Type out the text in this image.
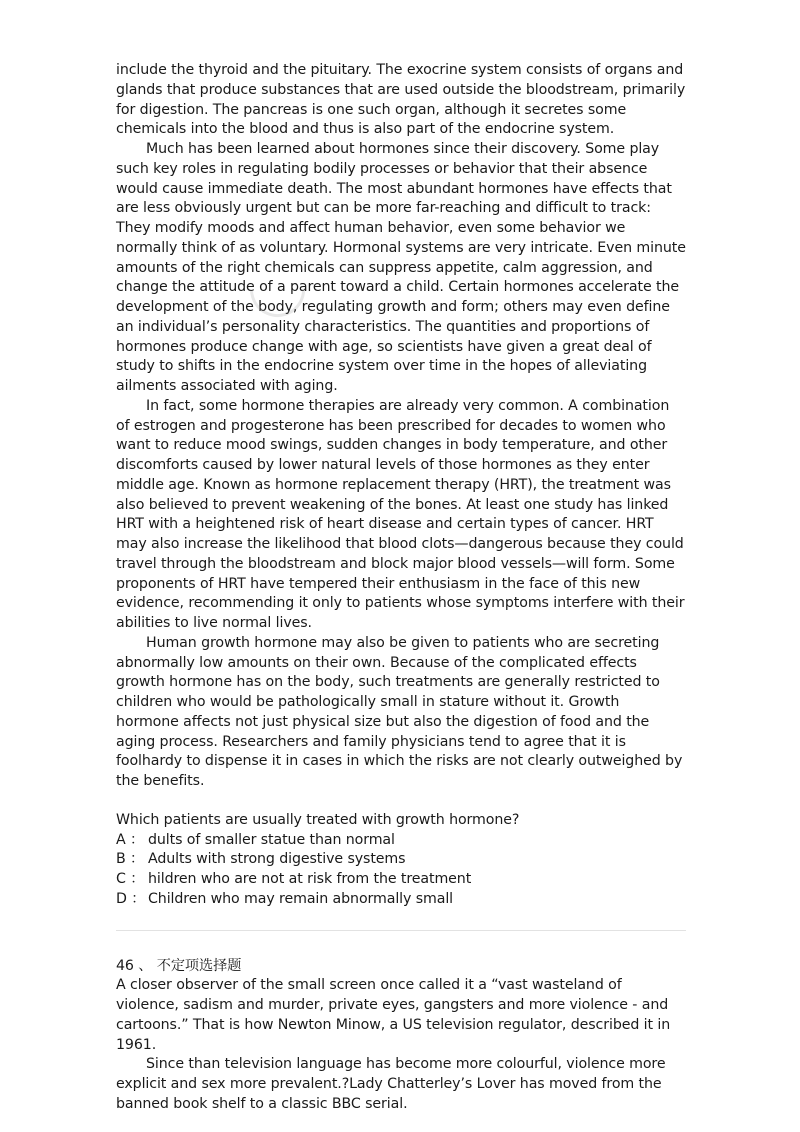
include the thyroid and the pituitary. The exocrine system consists of organs and glands that produce substances that are used outside the bloodstream, primarily for digestion. The pancreas is one such organ, although it secretes some chemicals into the blood and thus is also part of the endocrine system.

Much has been learned about hormones since their discovery. Some play such key roles in regulating bodily processes or behavior that their absence would cause immediate death. The most abundant hormones have effects that are less obviously urgent but can be more far-reaching and difficult to track: They modify moods and affect human behavior, even some behavior we normally think of as voluntary. Hormonal systems are very intricate. Even minute amounts of the right chemicals can suppress appetite, calm aggression, and change the attitude of a parent toward a child. Certain hormones accelerate the development of the body, regulating growth and form; others may even define an individual’s personality characteristics. The quantities and proportions of hormones produce change with age, so scientists have given a great deal of study to shifts in the endocrine system over time in the hopes of alleviating ailments associated with aging.

In fact, some hormone therapies are already very common. A combination of estrogen and progesterone has been prescribed for decades to women who want to reduce mood swings, sudden changes in body temperature, and other discomforts caused by lower natural levels of those hormones as they enter middle age. Known as hormone replacement therapy (HRT), the treatment was also believed to prevent weakening of the bones. At least one study has linked HRT with a heightened risk of heart disease and certain types of cancer. HRT may also increase the likelihood that blood clots—dangerous because they could travel through the bloodstream and block major blood vessels—will form. Some proponents of HRT have tempered their enthusiasm in the face of this new evidence, recommending it only to patients whose symptoms interfere with their abilities to live normal lives.

Human growth hormone may also be given to patients who are secreting abnormally low amounts on their own. Because of the complicated effects growth hormone has on the body, such treatments are generally restricted to children who would be pathologically small in stature without it. Growth hormone affects not just physical size but also the digestion of food and the aging process. Researchers and family physicians tend to agree that it is foolhardy to dispense it in cases in which the risks are not clearly outweighed by the benefits.

Which patients are usually treated with growth hormone?

A ： dults of smaller statue than normal
B ： Adults with strong digestive systems
C ： hildren who are not at risk from the treatment
D ： Children who may remain abnormally small

46 、 不定项选择题

A closer observer of the small screen once called it a “vast wasteland of violence, sadism and murder, private eyes, gangsters and more violence - and cartoons.” That is how Newton Minow, a US television regulator, described it in 1961.

Since than television language has become more colourful, violence more explicit and sex more prevalent.?Lady Chatterley’s Lover has moved from the banned book shelf to a classic BBC serial.
